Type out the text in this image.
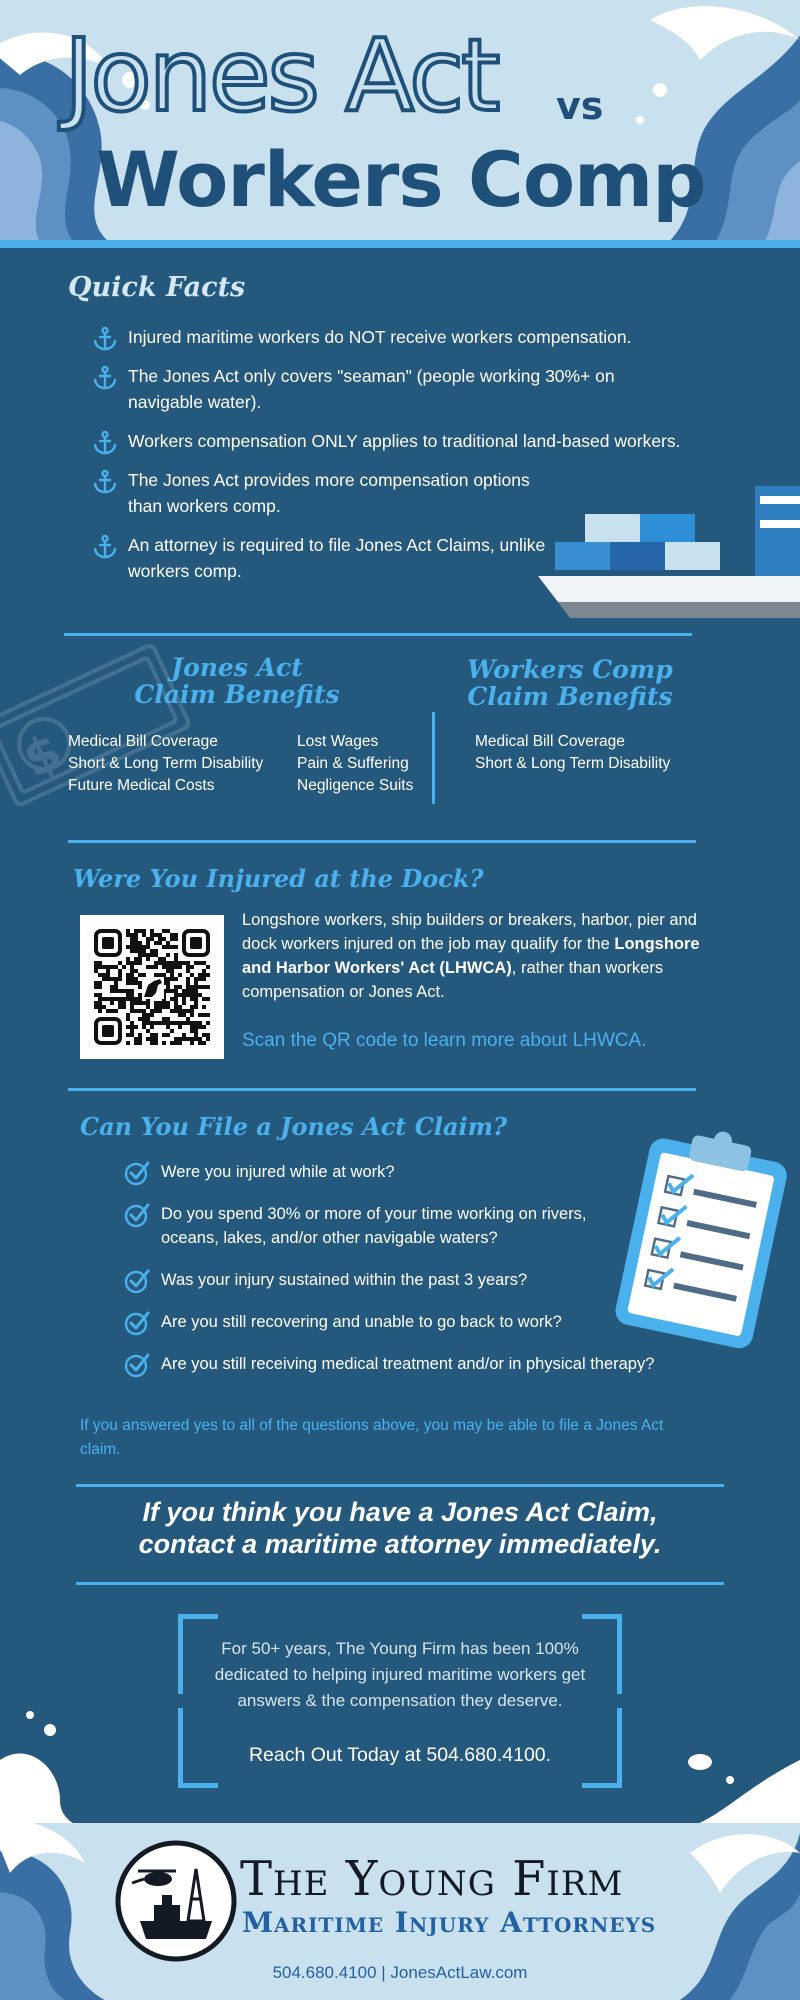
Jones Act vs
Workers Comp
Quick Facts
Injured maritime workers do NOT receive workers compensation.
The Jones Act only covers "seaman" (people working 30%+ on navigable water).
Workers compensation ONLY applies to traditional land-based workers.
The Jones Act provides more compensation options than workers comp.
An attorney is required to file Jones Act Claims, unlike workers comp.
$
Jones Act
Claim Benefits
Workers Comp
Claim Benefits
Medical Bill Coverage
Short & Long Term Disability
Future Medical Costs
Lost Wages
Pain & Suffering
Negligence Suits
Medical Bill Coverage
Short & Long Term Disability
Were You Injured at the Dock?
Longshore workers, ship builders or breakers, harbor, pier and dock workers injured on the job may qualify for the Longshore and Harbor Workers' Act (LHWCA), rather than workers compensation or Jones Act.
Scan the QR code to learn more about LHWCA.
Can You File a Jones Act Claim?
Were you injured while at work?
Do you spend 30% or more of your time working on rivers, oceans, lakes, and/or other navigable waters?
Was your injury sustained within the past 3 years?
Are you still recovering and unable to go back to work?
Are you still receiving medical treatment and/or in physical therapy?
If you answered yes to all of the questions above, you may be able to file a Jones Act claim.
If you think you have a Jones Act Claim,
contact a maritime attorney immediately.
For 50+ years, The Young Firm has been 100% dedicated to helping injured maritime workers get answers & the compensation they deserve.
Reach Out Today at 504.680.4100.
The Young Firm
Maritime Injury Attorneys
504.680.4100 | JonesActLaw.com
